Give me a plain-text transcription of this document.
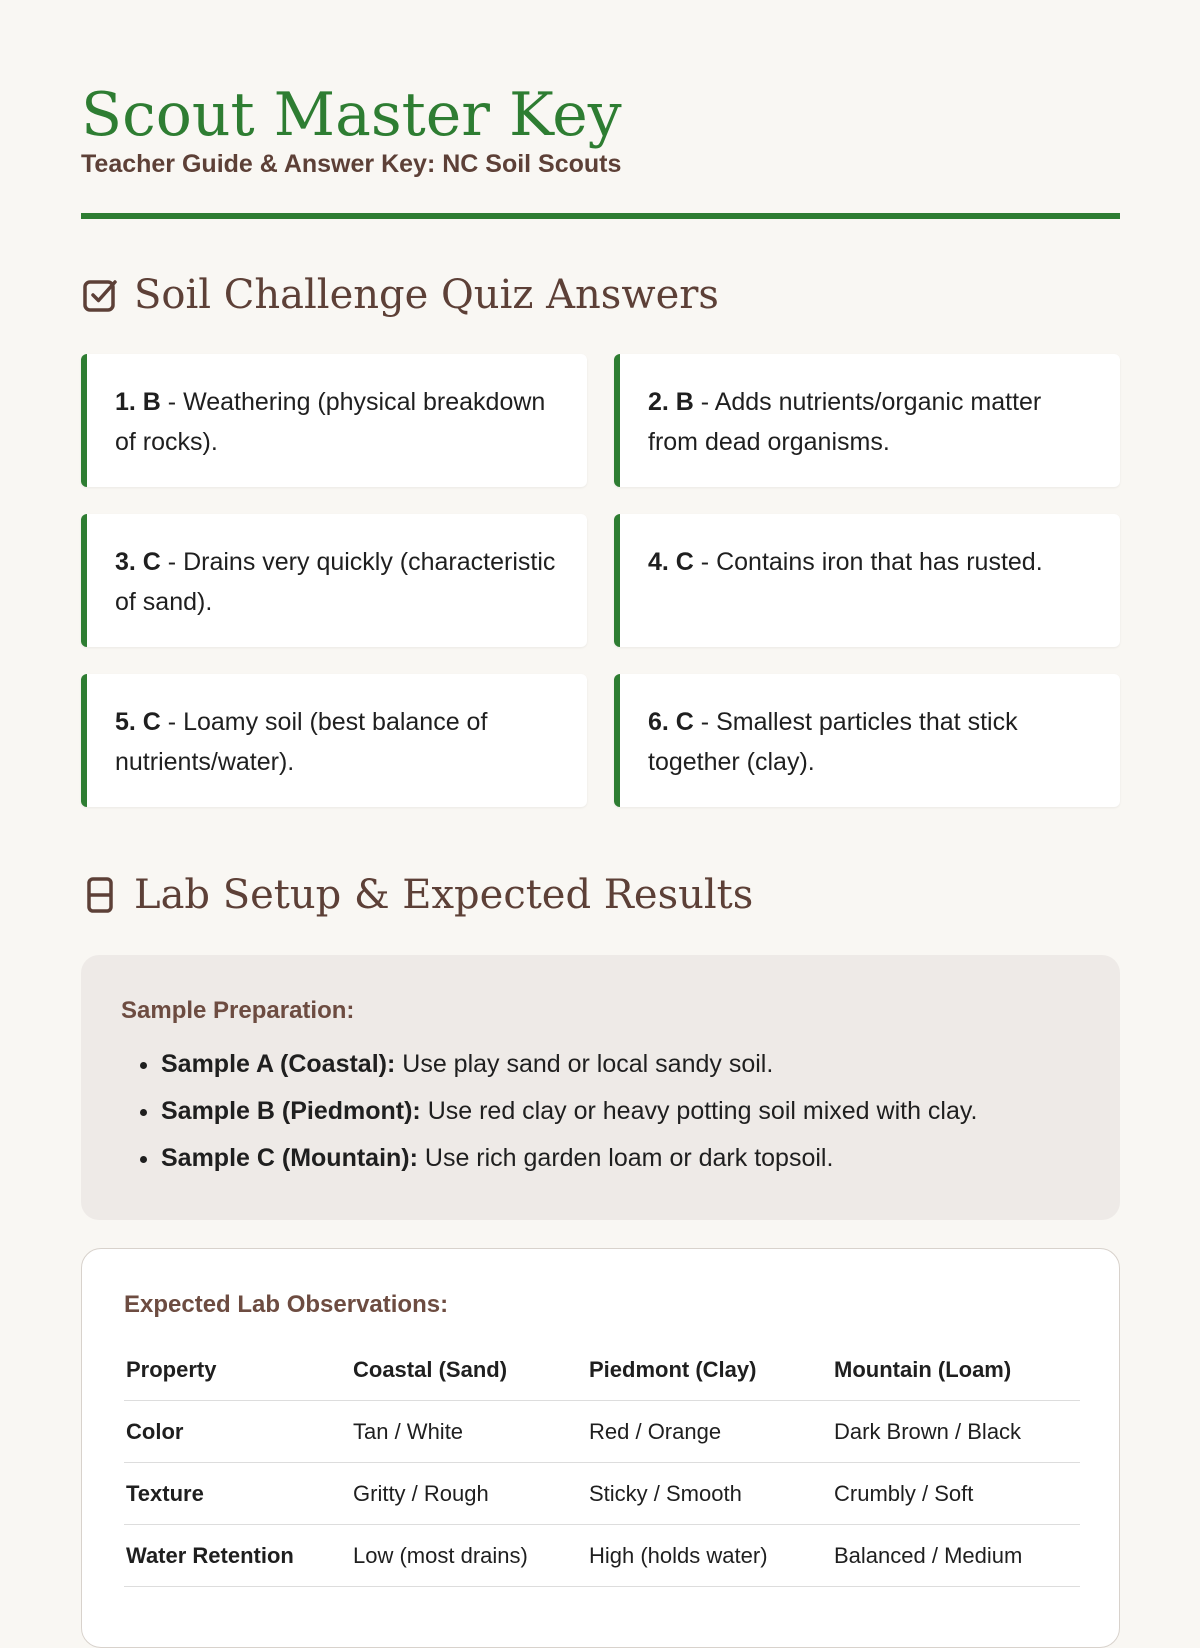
Scout Master Key

Teacher Guide & Answer Key: NC Soil Scouts

Soil Challenge Quiz Answers
1. B - Weathering (physical breakdown of rocks).
2. B - Adds nutrients/organic matter from dead organisms.
3. C - Drains very quickly (characteristic of sand).
4. C - Contains iron that has rusted.
5. C - Loamy soil (best balance of nutrients/water).
6. C - Smallest particles that stick together (clay).
Lab Setup & Expected Results

Sample Preparation:

• Sample A (Coastal): Use play sand or local sandy soil.
• Sample B (Piedmont): Use red clay or heavy potting soil mixed with clay.
• Sample C (Mountain): Use rich garden loam or dark topsoil.

Expected Lab Observations:

Property	Coastal (Sand)	Piedmont (Clay)	Mountain (Loam)
Color	Tan / White	Red / Orange	Dark Brown / Black
Texture	Gritty / Rough	Sticky / Smooth	Crumbly / Soft
Water Retention	Low (most drains)	High (holds water)	Balanced / Medium
